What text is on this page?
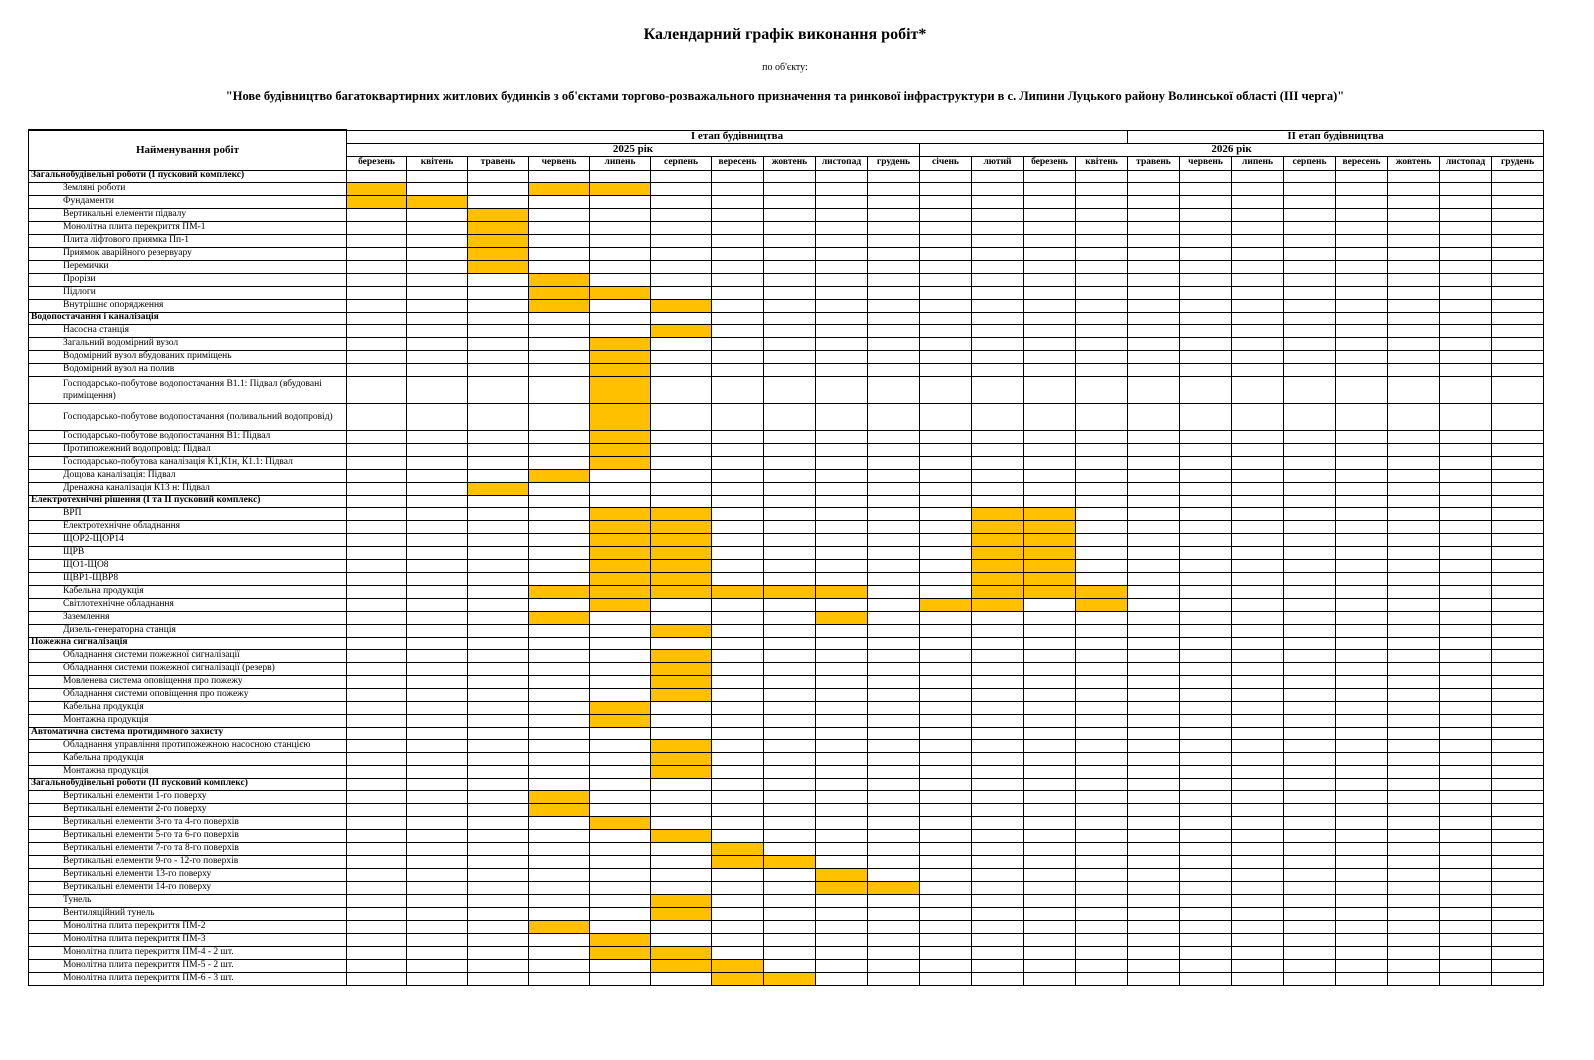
Календарний графік виконання робіт*
по об'єкту:
"Нове будівництво багатоквартирних житлових будинків з об'єктами торгово-розважального призначення та ринкової інфраструктури в с. Липини Луцького району Волинської області (ІІІ черга)"
Найменування робіт	І етап будівництва														ІІ етап будівництва							
	2025 рік										2026 рік											
	березень	квітень	травень	червень	липень	серпень	вересень	жовтень	листопад	грудень	січень	лютий	березень	квітень	травень	червень	липень	серпень	вересень	жовтень	листопад	грудень
Загальнобудівельні роботи (І пусковий комплекс)																						
Земляні роботи																						
Фундаменти																						
Вертикальні елементи підвалу																						
Монолітна плита перекриття ПМ-1																						
Плита ліфтового приямка Пп-1																						
Приямок аварійного резервуару																						
Перемички																						
Прорізи																						
Підлоги																						
Внутрішнє опорядження																						
Водопостачання і каналізація																						
Насосна станція																						
Загальний водомірний вузол																						
Водомірний вузол вбудованих приміщень																						
Водомірний вузол на полив																						
Господарсько-побутове водопостачання В1.1: Підвал (вбудовані приміщення)																						
Господарсько-побутове водопостачання (поливальний водопровід)																						
Господарсько-побутове водопостачання В1: Підвал																						
Протипожежний водопровід: Підвал																						
Господарсько-побутова каналізація К1,К1н, К1.1: Підвал																						
Дощова каналізація: Підвал																						
Дренажна каналізація К13 н: Підвал																						
Електротехнічні рішення (І та ІІ пусковий комплекс)																						
ВРП																						
Електротехнічне обладнання																						
ЩОР2-ЩОР14																						
ЩРВ																						
ЩО1-ЩО8																						
ЩВР1-ЩВР8																						
Кабельна продукція																						
Світлотехнічне обладнання																						
Заземлення																						
Дизель-генераторна станція																						
Пожежна сигналізація																						
Обладнання системи пожежної сигналізації																						
Обладнання системи пожежної сигналізації (резерв)																						
Мовленева система оповіщення про пожежу																						
Обладнання системи оповіщення про пожежу																						
Кабельна продукція																						
Монтажна продукція																						
Автоматична система протидимного захисту																						
Обладнання управління протипожежною насосною станцією																						
Кабельна продукція																						
Монтажна продукція																						
Загальнобудівельні роботи (ІІ пусковий комплекс)																						
Вертикальні елементи 1-го поверху																						
Вертикальні елементи 2-го поверху																						
Вертикальні елементи 3-го та 4-го поверхів																						
Вертикальні елементи 5-го та 6-го поверхів																						
Вертикальні елементи 7-го та 8-го поверхів																						
Вертикальні елементи 9-го - 12-го поверхів																						
Вертикальні елементи 13-го поверху																						
Вертикальні елементи 14-го поверху																						
Тунель																						
Вентиляційний тунель																						
Монолітна плита перекриття ПМ-2																						
Монолітна плита перекриття ПМ-3																						
Монолітна плита перекриття ПМ-4 - 2 шт.																						
Монолітна плита перекриття ПМ-5 - 2 шт.																						
Монолітна плита перекриття ПМ-6 - 3 шт.																						
